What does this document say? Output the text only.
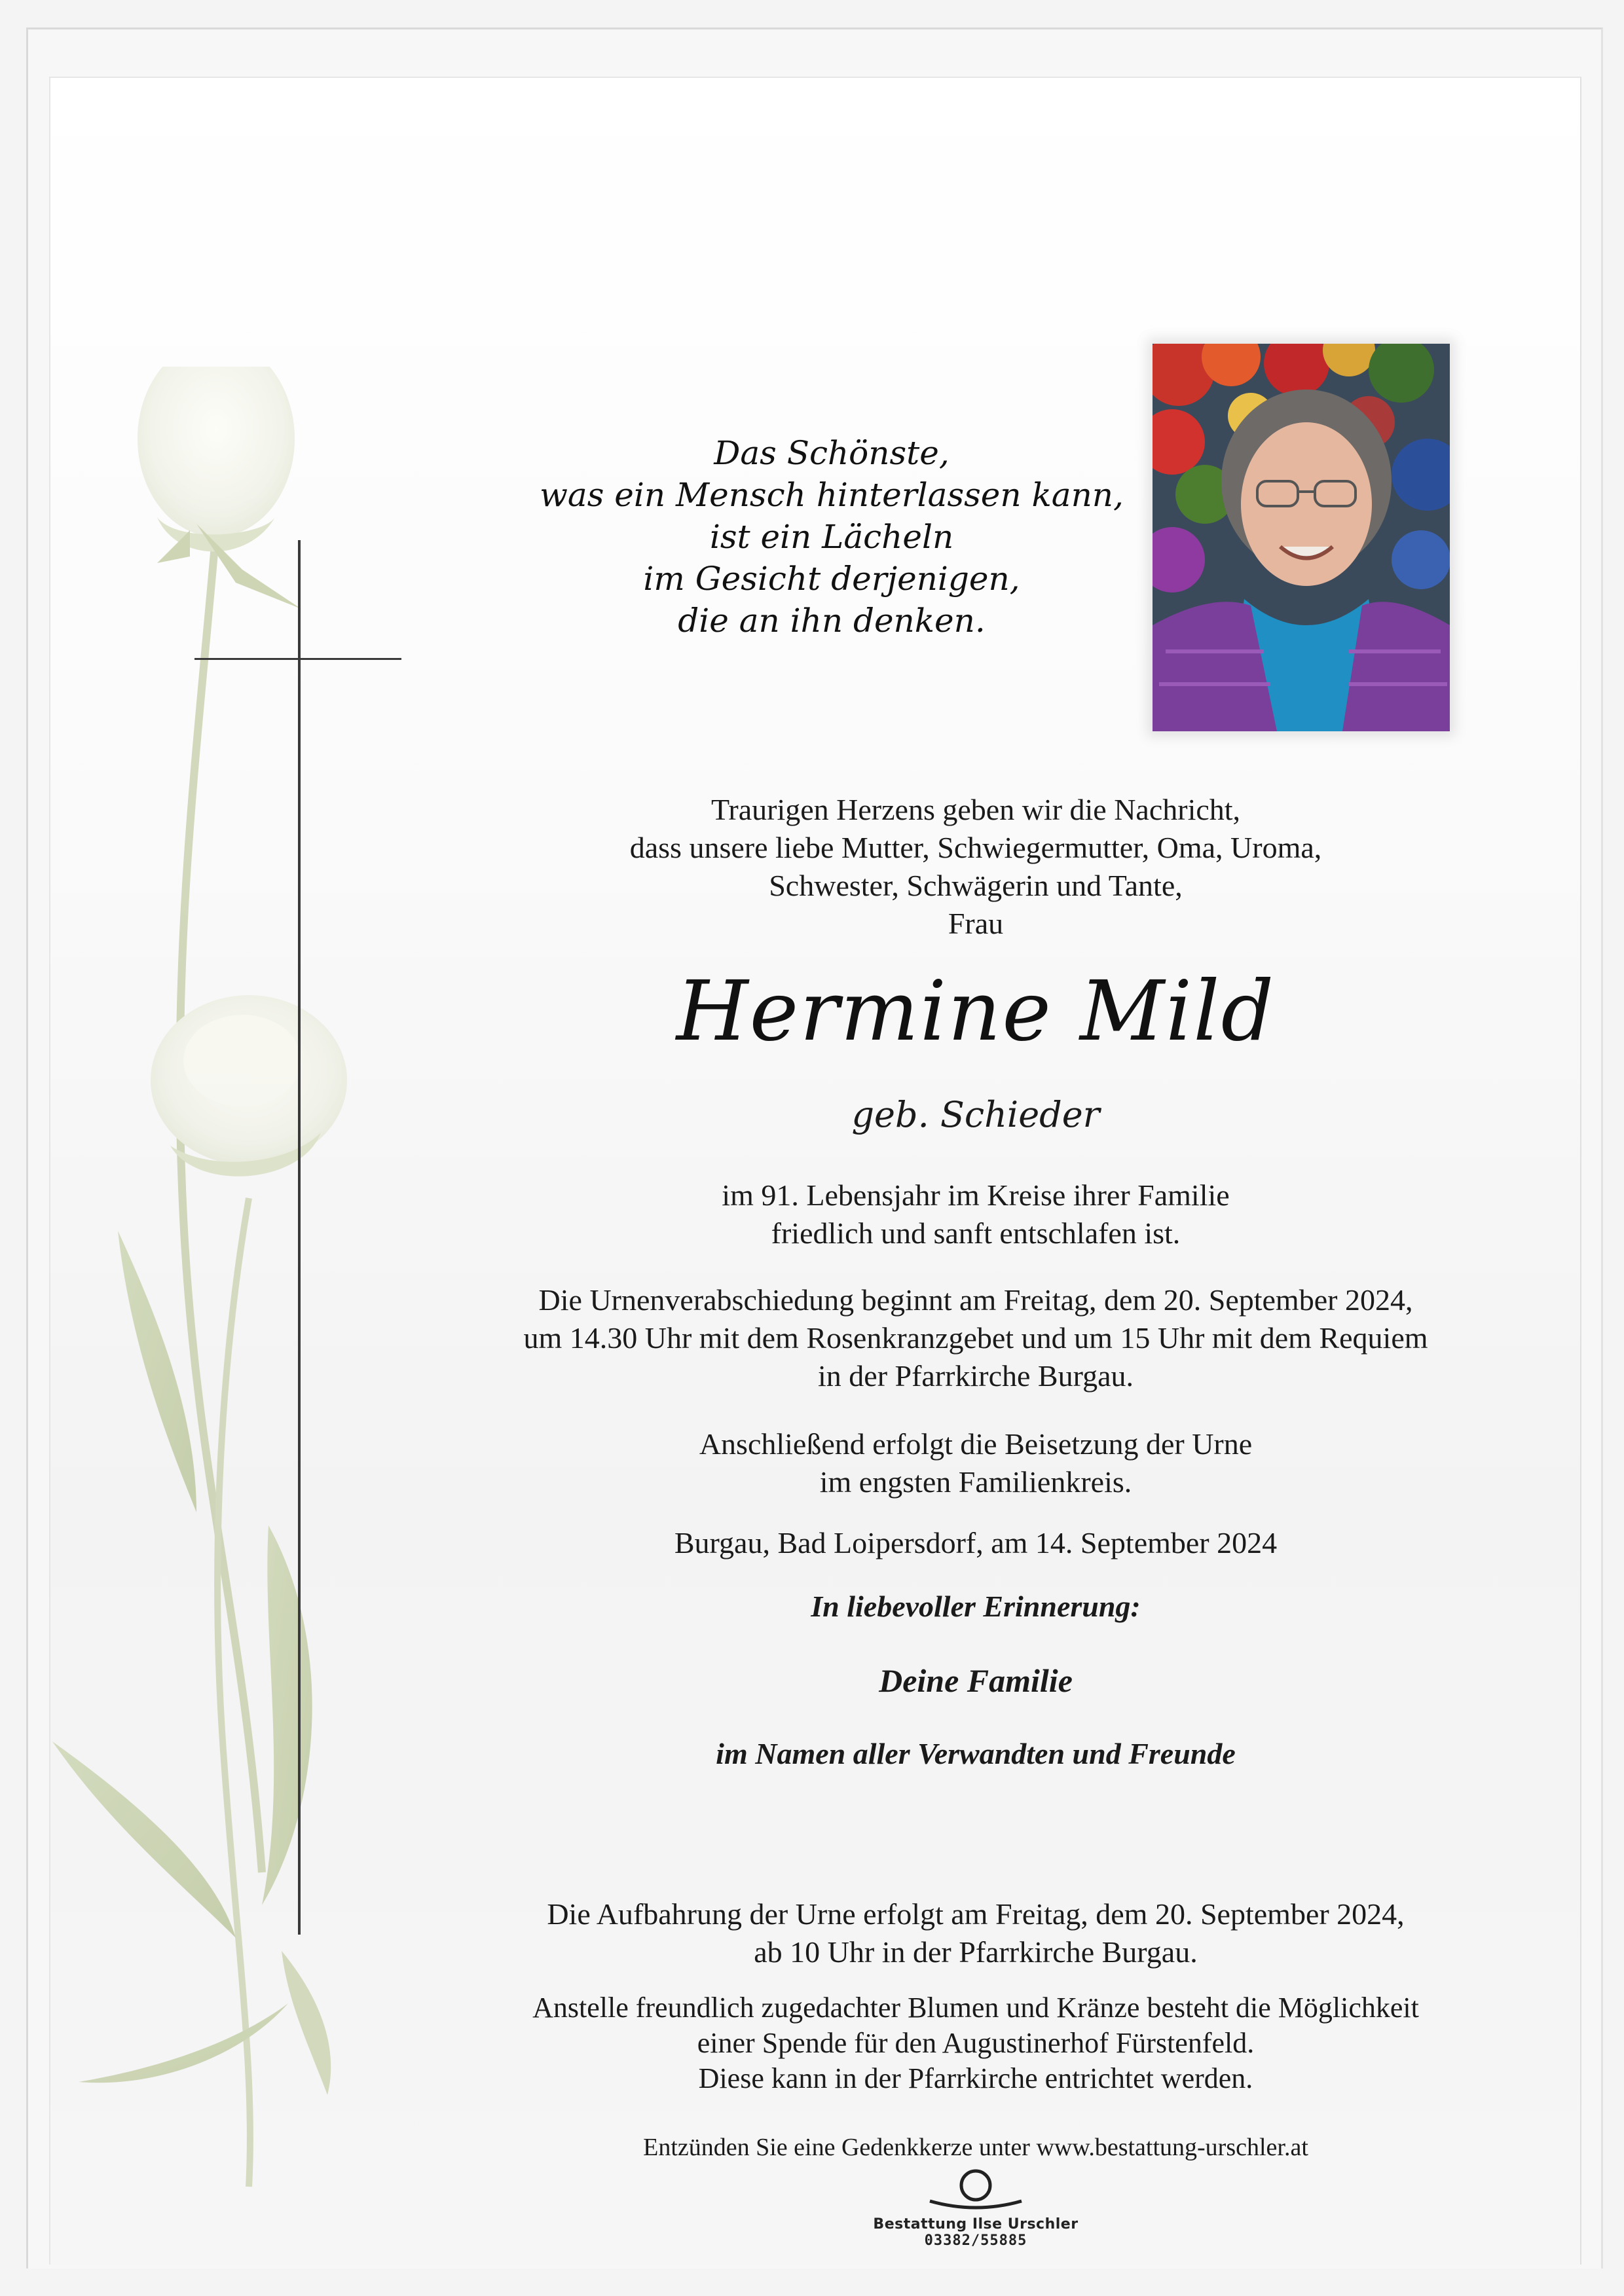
Das Schönste,
was ein Mensch hinterlassen kann,
ist ein Lächeln
im Gesicht derjenigen,
die an ihn denken.
Traurigen Herzens geben wir die Nachricht,
dass unsere liebe Mutter, Schwiegermutter, Oma, Uroma,
Schwester, Schwägerin und Tante,
Frau
Hermine Mild
geb. Schieder
im 91. Lebensjahr im Kreise ihrer Familie
friedlich und sanft entschlafen ist.
Die Urnenverabschiedung beginnt am Freitag, dem 20. September 2024,
um 14.30 Uhr mit dem Rosenkranzgebet und um 15 Uhr mit dem Requiem
in der Pfarrkirche Burgau.
Anschließend erfolgt die Beisetzung der Urne
im engsten Familienkreis.
Burgau, Bad Loipersdorf, am 14. September 2024
In liebevoller Erinnerung:
Deine Familie
im Namen aller Verwandten und Freunde
Die Aufbahrung der Urne erfolgt am Freitag, dem 20. September 2024,
ab 10 Uhr in der Pfarrkirche Burgau.
Anstelle freundlich zugedachter Blumen und Kränze besteht die Möglichkeit
einer Spende für den Augustinerhof Fürstenfeld.
Diese kann in der Pfarrkirche entrichtet werden.
Entzünden Sie eine Gedenkkerze unter www.bestattung-urschler.at
Bestattung Ilse Urschler
03382/55885
